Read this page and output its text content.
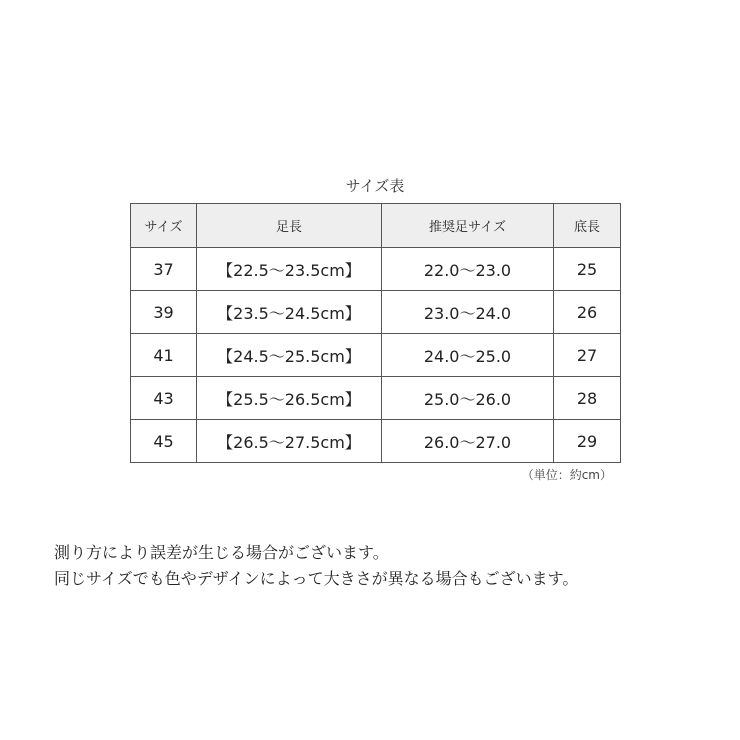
サイズ表
サイズ	足長	推奨足サイズ	底長
37	【22.5～23.5cm】	22.0～23.0	25
39	【23.5～24.5cm】	23.0～24.0	26
41	【24.5～25.5cm】	24.0～25.0	27
43	【25.5～26.5cm】	25.0～26.0	28
45	【26.5～27.5cm】	26.0～27.0	29
（単位：約cm）

測り方により誤差が生じる場合がございます。

同じサイズでも色やデザインによって大きさが異なる場合もございます。
